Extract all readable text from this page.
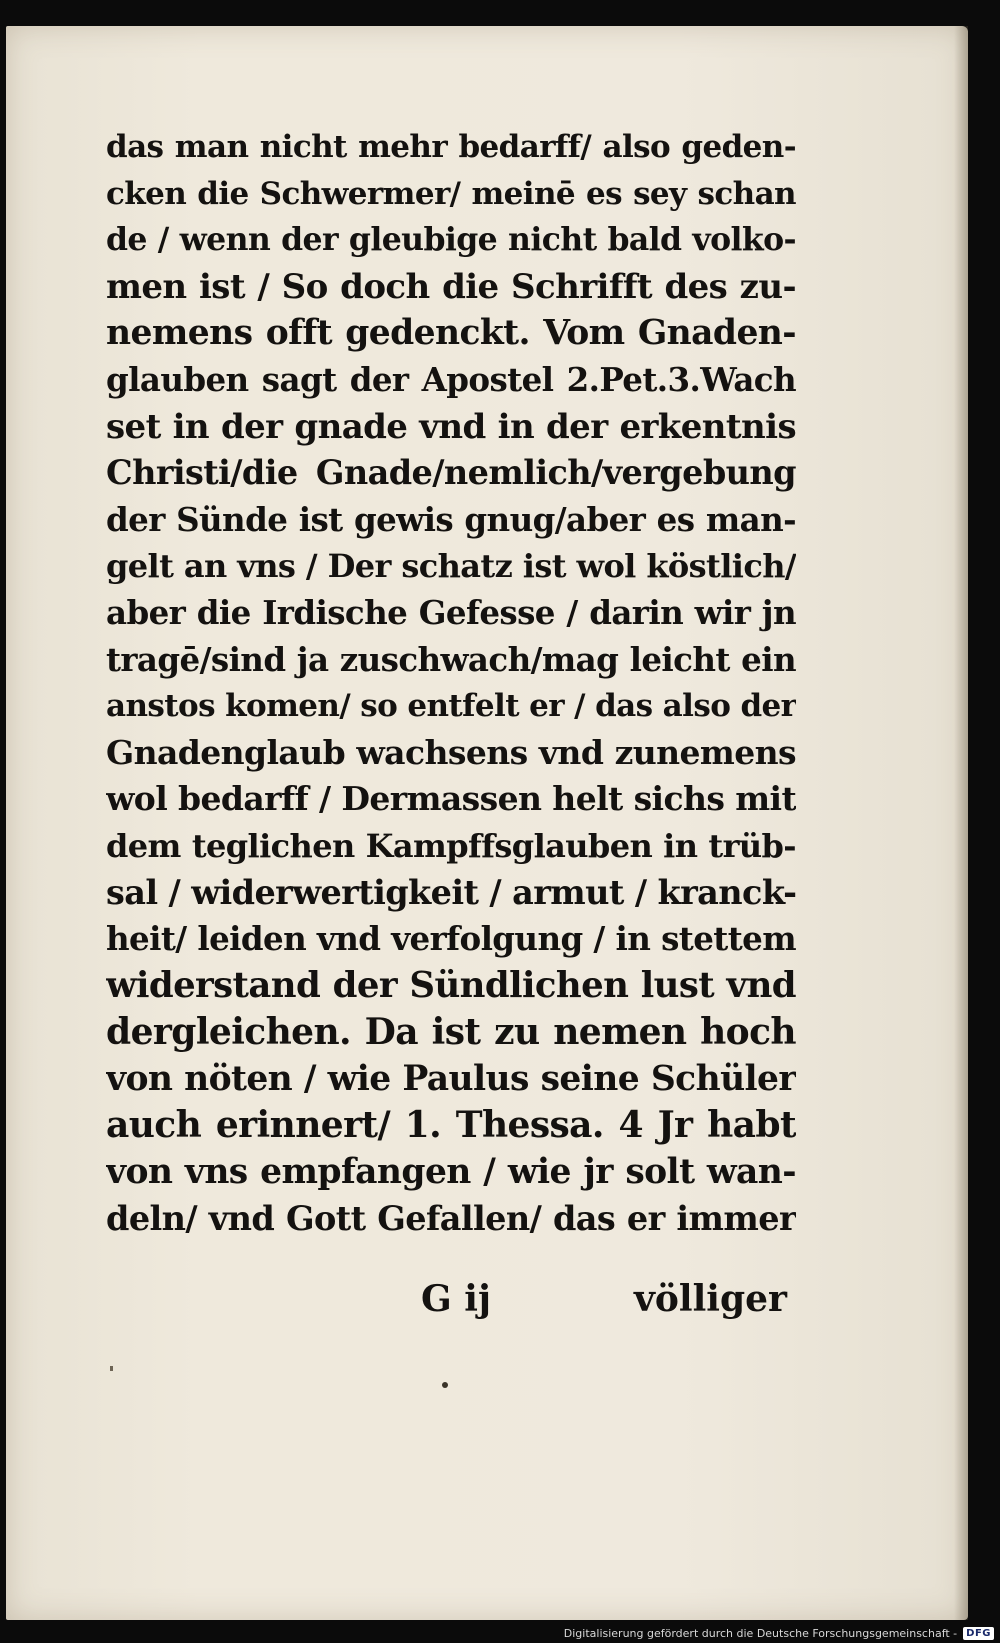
das man nicht mehr bedarff/ also geden-
cken die Schwermer/ meinē es sey schan
de / wenn der gleubige nicht bald volko-
men ist / So doch die Schrifft des zu-
nemens offt gedenckt. Vom Gnaden-
glauben sagt der Apostel 2.Pet.3.Wach
set in der gnade vnd in der erkentnis
Christi/die Gnade/nemlich/vergebung
der Sünde ist gewis gnug/aber es man-
gelt an vns / Der schatz ist wol köstlich/
aber die Irdische Gefesse / darin wir jn
tragē/sind ja zuschwach/mag leicht ein
anstos komen/ so entfelt er / das also der
Gnadenglaub wachsens vnd zunemens
wol bedarff / Dermassen helt sichs mit
dem teglichen Kampffsglauben in trüb-
sal / widerwertigkeit / armut / kranck-
heit/ leiden vnd verfolgung / in stettem
widerstand der Sündlichen lust vnd
dergleichen. Da ist zu nemen hoch
von nöten / wie Paulus seine Schüler
auch erinnert/ 1. Thessa. 4 Jr habt
von vns empfangen / wie jr solt wan-
deln/ vnd Gott Gefallen/ das er immer
G ij	völliger
Digitalisierung gefördert durch die Deutsche Forschungsgemeinschaft - DFG
